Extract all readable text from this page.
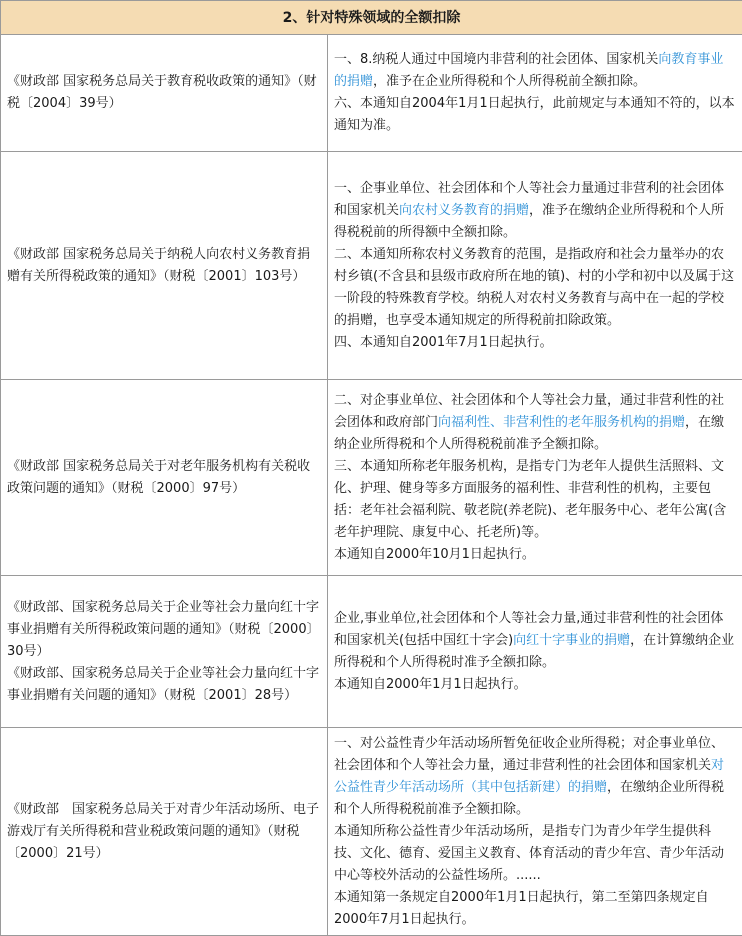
2、针对特殊领域的全额扣除	

《财政部 国家税务总局关于教育税收政策的通知》（财税〔2004〕39号）	一、8.纳税人通过中国境内非营利的社会团体、国家机关向教育事业的捐赠，准予在企业所得税和个人所得税前全额扣除。
六、本通知自2004年1月1日起执行，此前规定与本通知不符的，以本通知为准。

《财政部 国家税务总局关于纳税人向农村义务教育捐赠有关所得税政策的通知》（财税〔2001〕103号）	一、企事业单位、社会团体和个人等社会力量通过非营利的社会团体和国家机关向农村义务教育的捐赠，准予在缴纳企业所得税和个人所得税税前的所得额中全额扣除。
二、本通知所称农村义务教育的范围，是指政府和社会力量举办的农村乡镇(不含县和县级市政府所在地的镇)、村的小学和初中以及属于这一阶段的特殊教育学校。纳税人对农村义务教育与高中在一起的学校的捐赠，也享受本通知规定的所得税前扣除政策。
四、本通知自2001年7月1日起执行。

《财政部 国家税务总局关于对老年服务机构有关税收政策问题的通知》（财税〔2000〕97号）	二、对企事业单位、社会团体和个人等社会力量，通过非营利性的社会团体和政府部门向福利性、非营利性的老年服务机构的捐赠，在缴纳企业所得税和个人所得税税前准予全额扣除。
三、本通知所称老年服务机构，是指专门为老年人提供生活照料、文化、护理、健身等多方面服务的福利性、非营利性的机构，主要包括：老年社会福利院、敬老院(养老院)、老年服务中心、老年公寓(含老年护理院、康复中心、托老所)等。
本通知自2000年10月1日起执行。

《财政部、国家税务总局关于企业等社会力量向红十字事业捐赠有关所得税政策问题的通知》（财税〔2000〕30号）
《财政部、国家税务总局关于企业等社会力量向红十字事业捐赠有关问题的通知》（财税〔2001〕28号）	企业,事业单位,社会团体和个人等社会力量,通过非营利性的社会团体和国家机关(包括中国红十字会)向红十字事业的捐赠，在计算缴纳企业所得税和个人所得税时准予全额扣除。
本通知自2000年1月1日起执行。

《财政部　国家税务总局关于对青少年活动场所、电子游戏厅有关所得税和营业税政策问题的通知》（财税〔2000〕21号）	一、对公益性青少年活动场所暂免征收企业所得税；对企事业单位、社会团体和个人等社会力量，通过非营利性的社会团体和国家机关对公益性青少年活动场所（其中包括新建）的捐赠，在缴纳企业所得税和个人所得税税前准予全额扣除。
本通知所称公益性青少年活动场所，是指专门为青少年学生提供科技、文化、德育、爱国主义教育、体育活动的青少年宫、青少年活动中心等校外活动的公益性场所。......
本通知第一条规定自2000年1月1日起执行，第二至第四条规定自2000年7月1日起执行。
